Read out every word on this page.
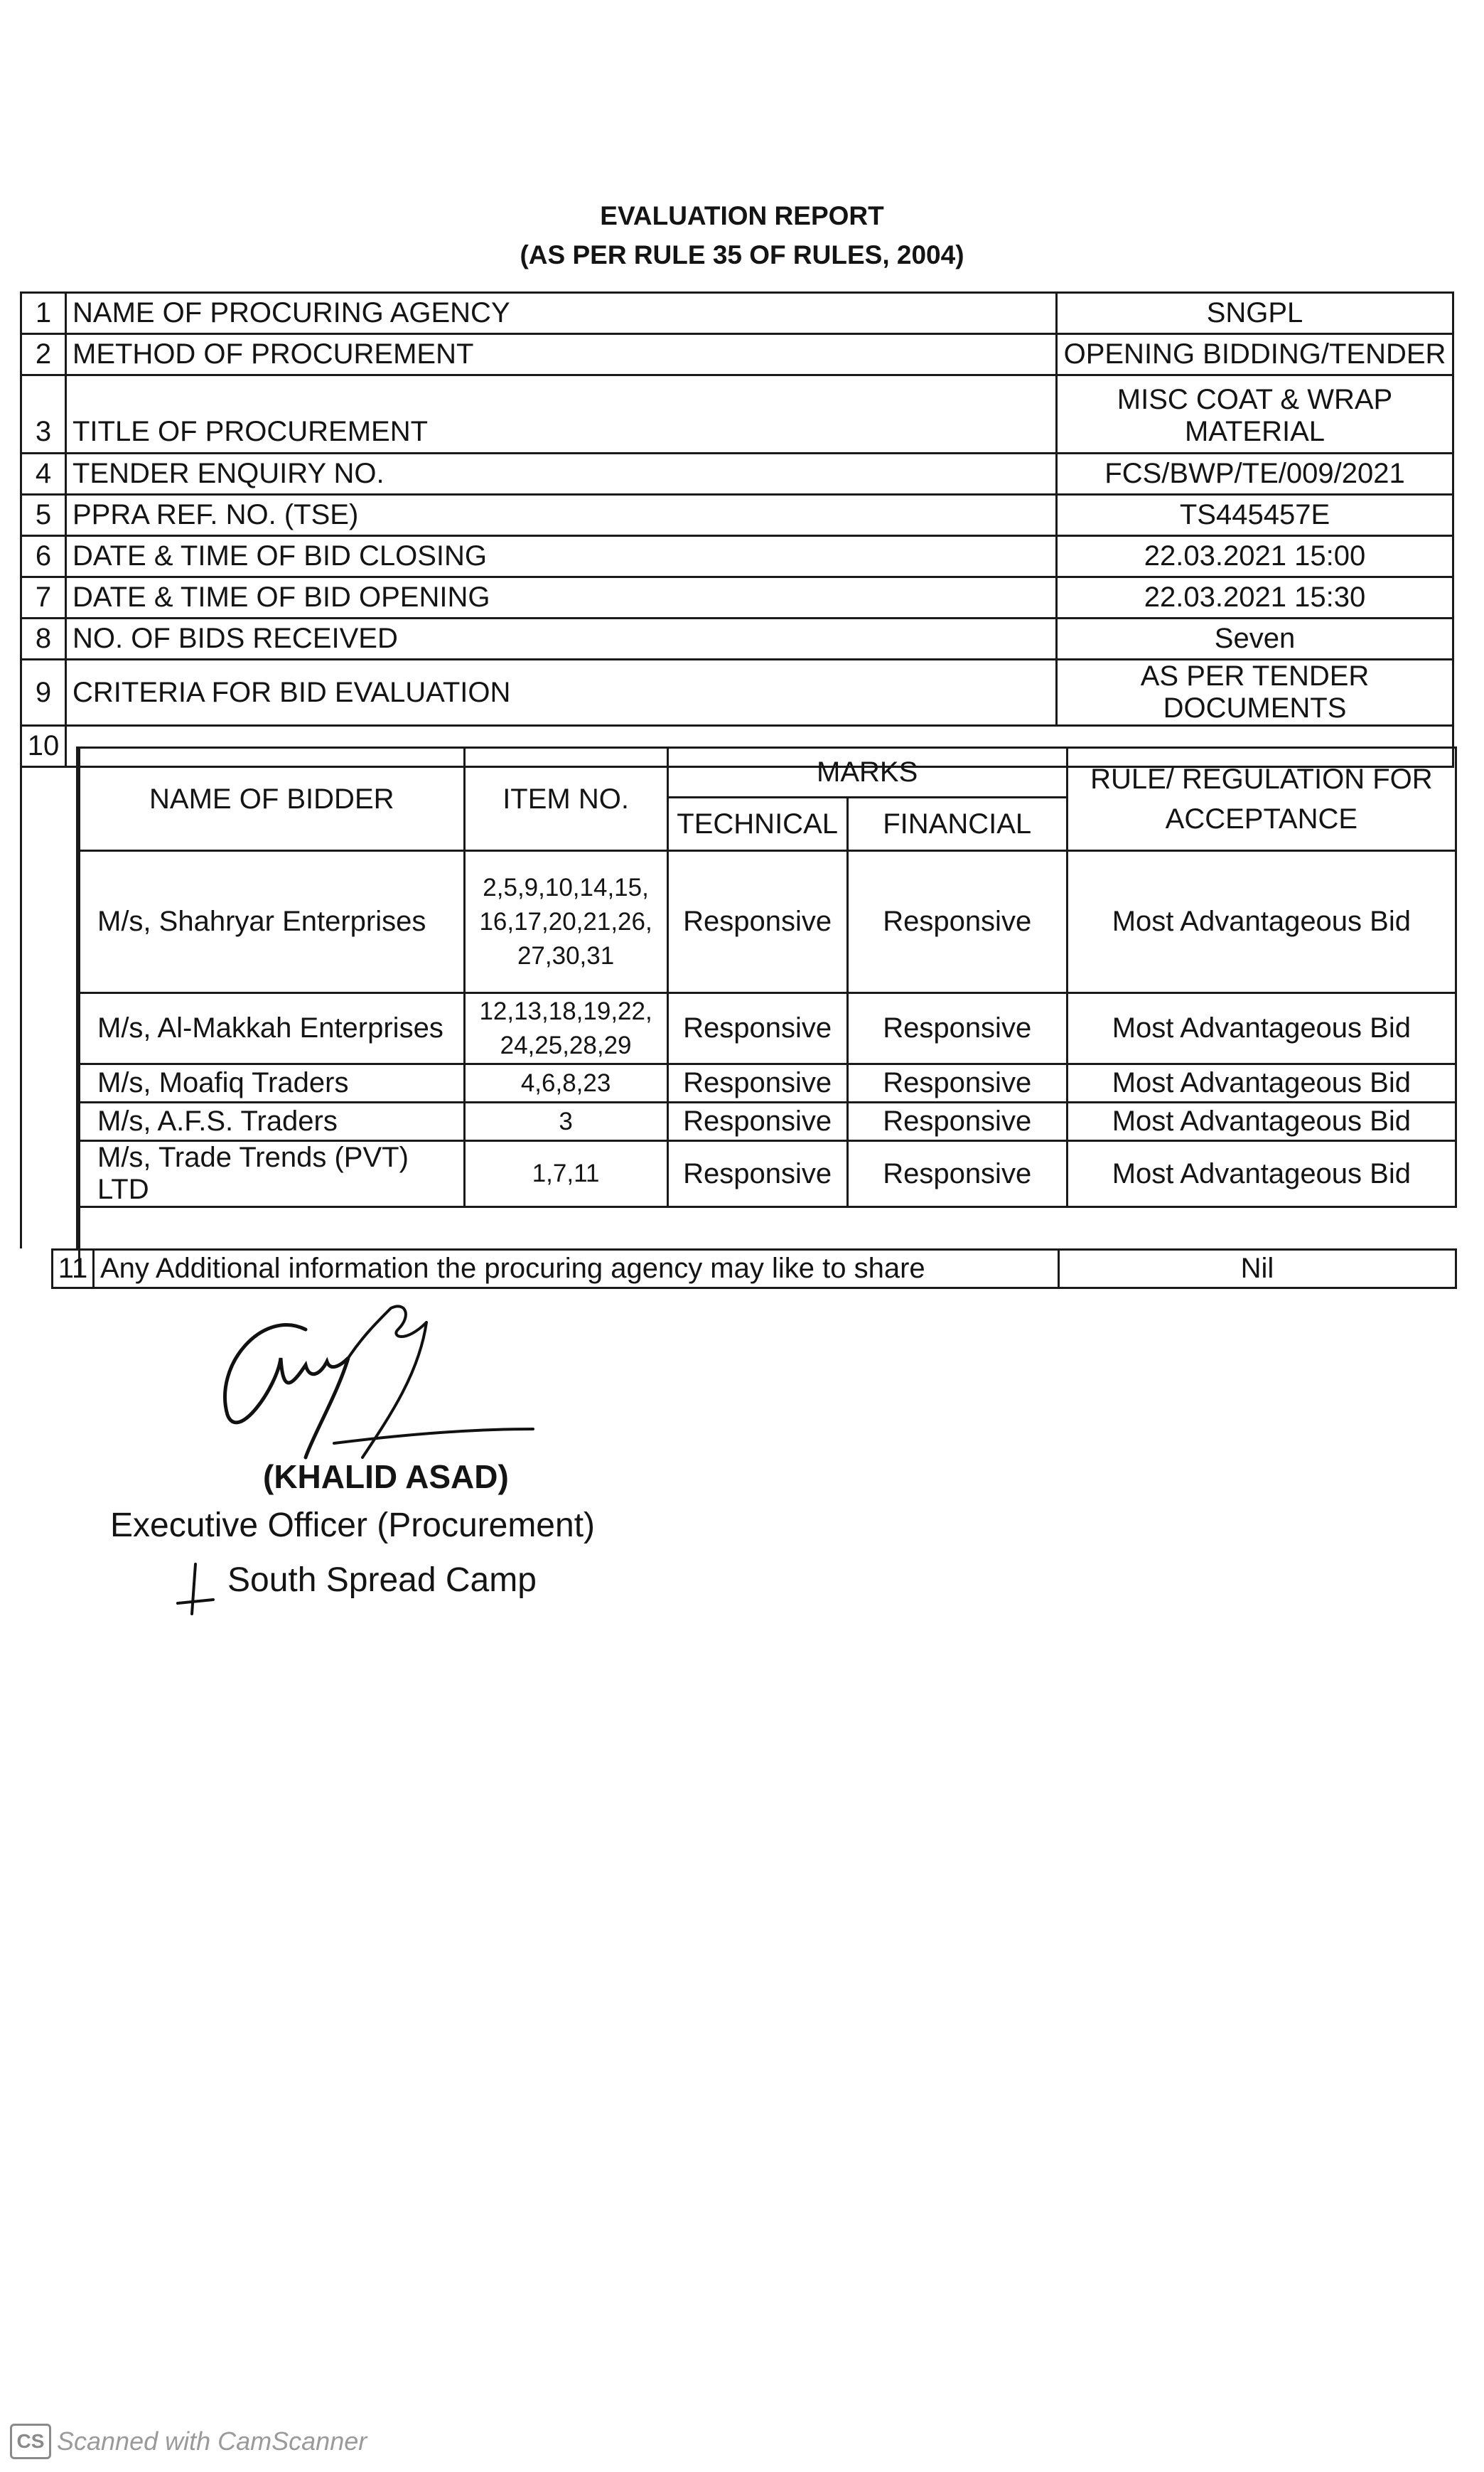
EVALUATION REPORT
(AS PER RULE 35 OF RULES, 2004)
1	NAME OF PROCURING AGENCY	SNGPL
2	METHOD OF PROCUREMENT	OPENING BIDDING/TENDER
3	TITLE OF PROCUREMENT	MISC COAT & WRAP MATERIAL
4	TENDER ENQUIRY NO.	FCS/BWP/TE/009/2021
5	PPRA REF. NO. (TSE)	TS445457E
6	DATE & TIME OF BID CLOSING	22.03.2021 15:00
7	DATE & TIME OF BID OPENING	22.03.2021 15:30
8	NO. OF BIDS RECEIVED	Seven
9	CRITERIA FOR BID EVALUATION	AS PER TENDER DOCUMENTS
10		
NAME OF BIDDER	ITEM NO.	MARKS		RULE/ REGULATION FOR ACCEPTANCE
		TECHNICAL	FINANCIAL	
M/s, Shahryar Enterprises	2,5,9,10,14,15,
16,17,20,21,26,
27,30,31	Responsive	Responsive	Most Advantageous Bid
M/s, Al-Makkah Enterprises	12,13,18,19,22,
24,25,28,29	Responsive	Responsive	Most Advantageous Bid
M/s, Moafiq Traders	4,6,8,23	Responsive	Responsive	Most Advantageous Bid
M/s, A.F.S. Traders	3	Responsive	Responsive	Most Advantageous Bid
M/s, Trade Trends (PVT) LTD	1,7,11	Responsive	Responsive	Most Advantageous Bid

11	Any Additional information the procuring agency may like to share	Nil
(KHALID ASAD)
Executive Officer (Procurement)
South Spread Camp
CS Scanned with CamScanner
